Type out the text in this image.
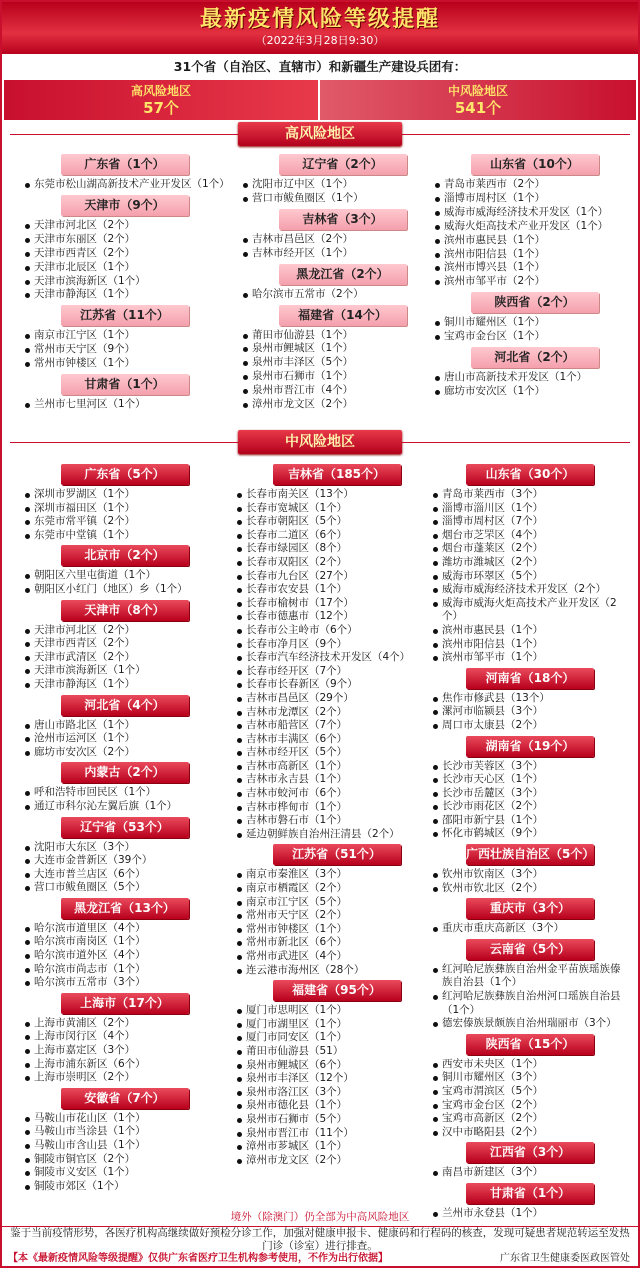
最新疫情风险等级提醒
（2022年3月28日9:30）
31个省（自治区、直辖市）和新疆生产建设兵团有：
高风险地区
57个
中风险地区
541个
高风险地区
广东省（1个）
东莞市松山湖高新技术产业开发区（1个）
天津市（9个）
天津市河北区（2个）
天津市东丽区（2个）
天津市西青区（2个）
天津市北辰区（1个）
天津市滨海新区（1个）
天津市静海区（1个）
江苏省（11个）
南京市江宁区（1个）
常州市天宁区（9个）
常州市钟楼区（1个）
甘肃省（1个）
兰州市七里河区（1个）
辽宁省（2个）
沈阳市辽中区（1个）
营口市鲅鱼圈区（1个）
吉林省（3个）
吉林市昌邑区（2个）
吉林市经开区（1个）
黑龙江省（2个）
哈尔滨市五常市（2个）
福建省（14个）
莆田市仙游县（1个）
泉州市鲤城区（1个）
泉州市丰泽区（5个）
泉州市石狮市（1个）
泉州市晋江市（4个）
漳州市龙文区（2个）
山东省（10个）
青岛市莱西市（2个）
淄博市周村区（1个）
威海市威海经济技术开发区（1个）
威海火炬高技术产业开发区（1个）
滨州市惠民县（1个）
滨州市阳信县（1个）
滨州市博兴县（1个）
滨州市邹平市（2个）
陕西省（2个）
铜川市耀州区（1个）
宝鸡市金台区（1个）
河北省（2个）
唐山市高新技术开发区（1个）
廊坊市安次区（1个）
中风险地区
广东省（5个）
深圳市罗湖区（1个）
深圳市福田区（1个）
东莞市常平镇（2个）
东莞市中堂镇（1个）
北京市（2个）
朝阳区六里屯街道（1个）
朝阳区小红门（地区）乡（1个）
天津市（8个）
天津市河北区（2个）
天津市西青区（2个）
天津市武清区（2个）
天津市滨海新区（1个）
天津市静海区（1个）
河北省（4个）
唐山市路北区（1个）
沧州市运河区（1个）
廊坊市安次区（2个）
内蒙古（2个）
呼和浩特市回民区（1个）
通辽市科尔沁左翼后旗（1个）
辽宁省（53个）
沈阳市大东区（3个）
大连市金普新区（39个）
大连市普兰店区（6个）
营口市鲅鱼圈区（5个）
黑龙江省（13个）
哈尔滨市道里区（4个）
哈尔滨市南岗区（1个）
哈尔滨市道外区（4个）
哈尔滨市尚志市（1个）
哈尔滨市五常市（3个）
上海市（17个）
上海市黄浦区（2个）
上海市闵行区（4个）
上海市嘉定区（3个）
上海市浦东新区（6个）
上海市崇明区（2个）
安徽省（7个）
马鞍山市花山区（1个）
马鞍山市当涂县（1个）
马鞍山市含山县（1个）
铜陵市铜官区（2个）
铜陵市义安区（1个）
铜陵市郊区（1个）
吉林省（185个）
长春市南关区（13个）
长春市宽城区（1个）
长春市朝阳区（5个）
长春市二道区（6个）
长春市绿园区（8个）
长春市双阳区（2个）
长春市九台区（27个）
长春市农安县（1个）
长春市榆树市（17个）
长春市德惠市（12个）
长春市公主岭市（6个）
长春市净月区（9个）
长春市汽车经济技术开发区（4个）
长春市经开区（7个）
长春市长春新区（9个）
吉林市昌邑区（29个）
吉林市龙潭区（2个）
吉林市船营区（7个）
吉林市丰满区（6个）
吉林市经开区（5个）
吉林市高新区（1个）
吉林市永吉县（1个）
吉林市蛟河市（6个）
吉林市桦甸市（1个）
吉林市磐石市（1个）
延边朝鲜族自治州汪清县（2个）
江苏省（51个）
南京市秦淮区（3个）
南京市栖霞区（2个）
南京市江宁区（5个）
常州市天宁区（2个）
常州市钟楼区（1个）
常州市新北区（6个）
常州市武进区（4个）
连云港市海州区（28个）
福建省（95个）
厦门市思明区（1个）
厦门市湖里区（1个）
厦门市同安区（1个）
莆田市仙游县（51）
泉州市鲤城区（6个）
泉州市丰泽区（12个）
泉州市洛江区（3个）
泉州市德化县（1个）
泉州市石狮市（5个）
泉州市晋江市（11个）
漳州市芗城区（1个）
漳州市龙文区（2个）
山东省（30个）
青岛市莱西市（3个）
淄博市淄川区（1个）
淄博市周村区（7个）
烟台市芝罘区（4个）
烟台市蓬莱区（2个）
潍坊市潍城区（2个）
威海市环翠区（5个）
威海市威海经济技术开发区（2个）
威海市威海火炬高技术产业开发区（2个）
滨州市惠民县（1个）
滨州市阳信县（1个）
滨州市邹平市（1个）
河南省（18个）
焦作市修武县（13个）
漯河市临颍县（3个）
周口市太康县（2个）
湖南省（19个）
长沙市芙蓉区（3个）
长沙市天心区（1个）
长沙市岳麓区（3个）
长沙市雨花区（2个）
邵阳市新宁县（1个）
怀化市鹤城区（9个）
广西壮族自治区（5个）
钦州市钦南区（3个）
钦州市钦北区（2个）
重庆市（3个）
重庆市重庆高新区（3个）
云南省（5个）
红河哈尼族彝族自治州金平苗族瑶族傣族自治县（1个）
红河哈尼族彝族自治州河口瑶族自治县（1个）
德宏傣族景颇族自治州瑞丽市（3个）
陕西省（15个）
西安市未央区（1个）
铜川市耀州区（3个）
宝鸡市渭滨区（5个）
宝鸡市金台区（2个）
宝鸡市高新区（2个）
汉中市略阳县（2个）
江西省（3个）
南昌市新建区（3个）
甘肃省（1个）
兰州市永登县（1个）
境外（除澳门）仍全部为中高风险地区
鉴于当前疫情形势，各医疗机构高继续做好预检分诊工作，加强对健康申报卡、健康码和行程码的核查，发现可疑患者规范转运至发热门诊（诊室）进行排查。
【本《最新疫情风险等级提醒》仅供广东省医疗卫生机构参考使用，不作为出行依据】	广东省卫生健康委医政医管处
